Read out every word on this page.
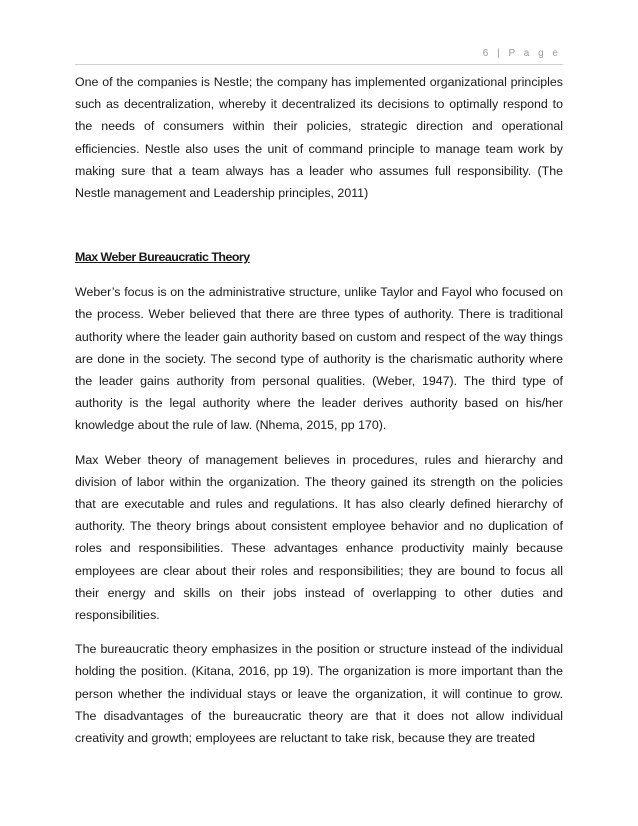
6 | P a g e

One of the companies is Nestle; the company has implemented organizational principles such as decentralization, whereby it decentralized its decisions to optimally respond to the needs of consumers within their policies, strategic direction and operational efficiencies. Nestle also uses the unit of command principle to manage team work by making sure that a team always has a leader who assumes full responsibility. (The Nestle management and Leadership principles, 2011)

Max Weber Bureaucratic Theory

Weber’s focus is on the administrative structure, unlike Taylor and Fayol who focused on the process. Weber believed that there are three types of authority. There is traditional authority where the leader gain authority based on custom and respect of the way things are done in the society. The second type of authority is the charismatic authority where the leader gains authority from personal qualities. (Weber, 1947). The third type of authority is the legal authority where the leader derives authority based on his/her knowledge about the rule of law. (Nhema, 2015, pp 170).

Max Weber theory of management believes in procedures, rules and hierarchy and division of labor within the organization. The theory gained its strength on the policies that are executable and rules and regulations. It has also clearly defined hierarchy of authority. The theory brings about consistent employee behavior and no duplication of roles and responsibilities. These advantages enhance productivity mainly because employees are clear about their roles and responsibilities; they are bound to focus all their energy and skills on their jobs instead of overlapping to other duties and responsibilities.

The bureaucratic theory emphasizes in the position or structure instead of the individual holding the position. (Kitana, 2016, pp 19). The organization is more important than the person whether the individual stays or leave the organization, it will continue to grow. The disadvantages of the bureaucratic theory are that it does not allow individual creativity and growth; employees are reluctant to take risk, because they are treated
